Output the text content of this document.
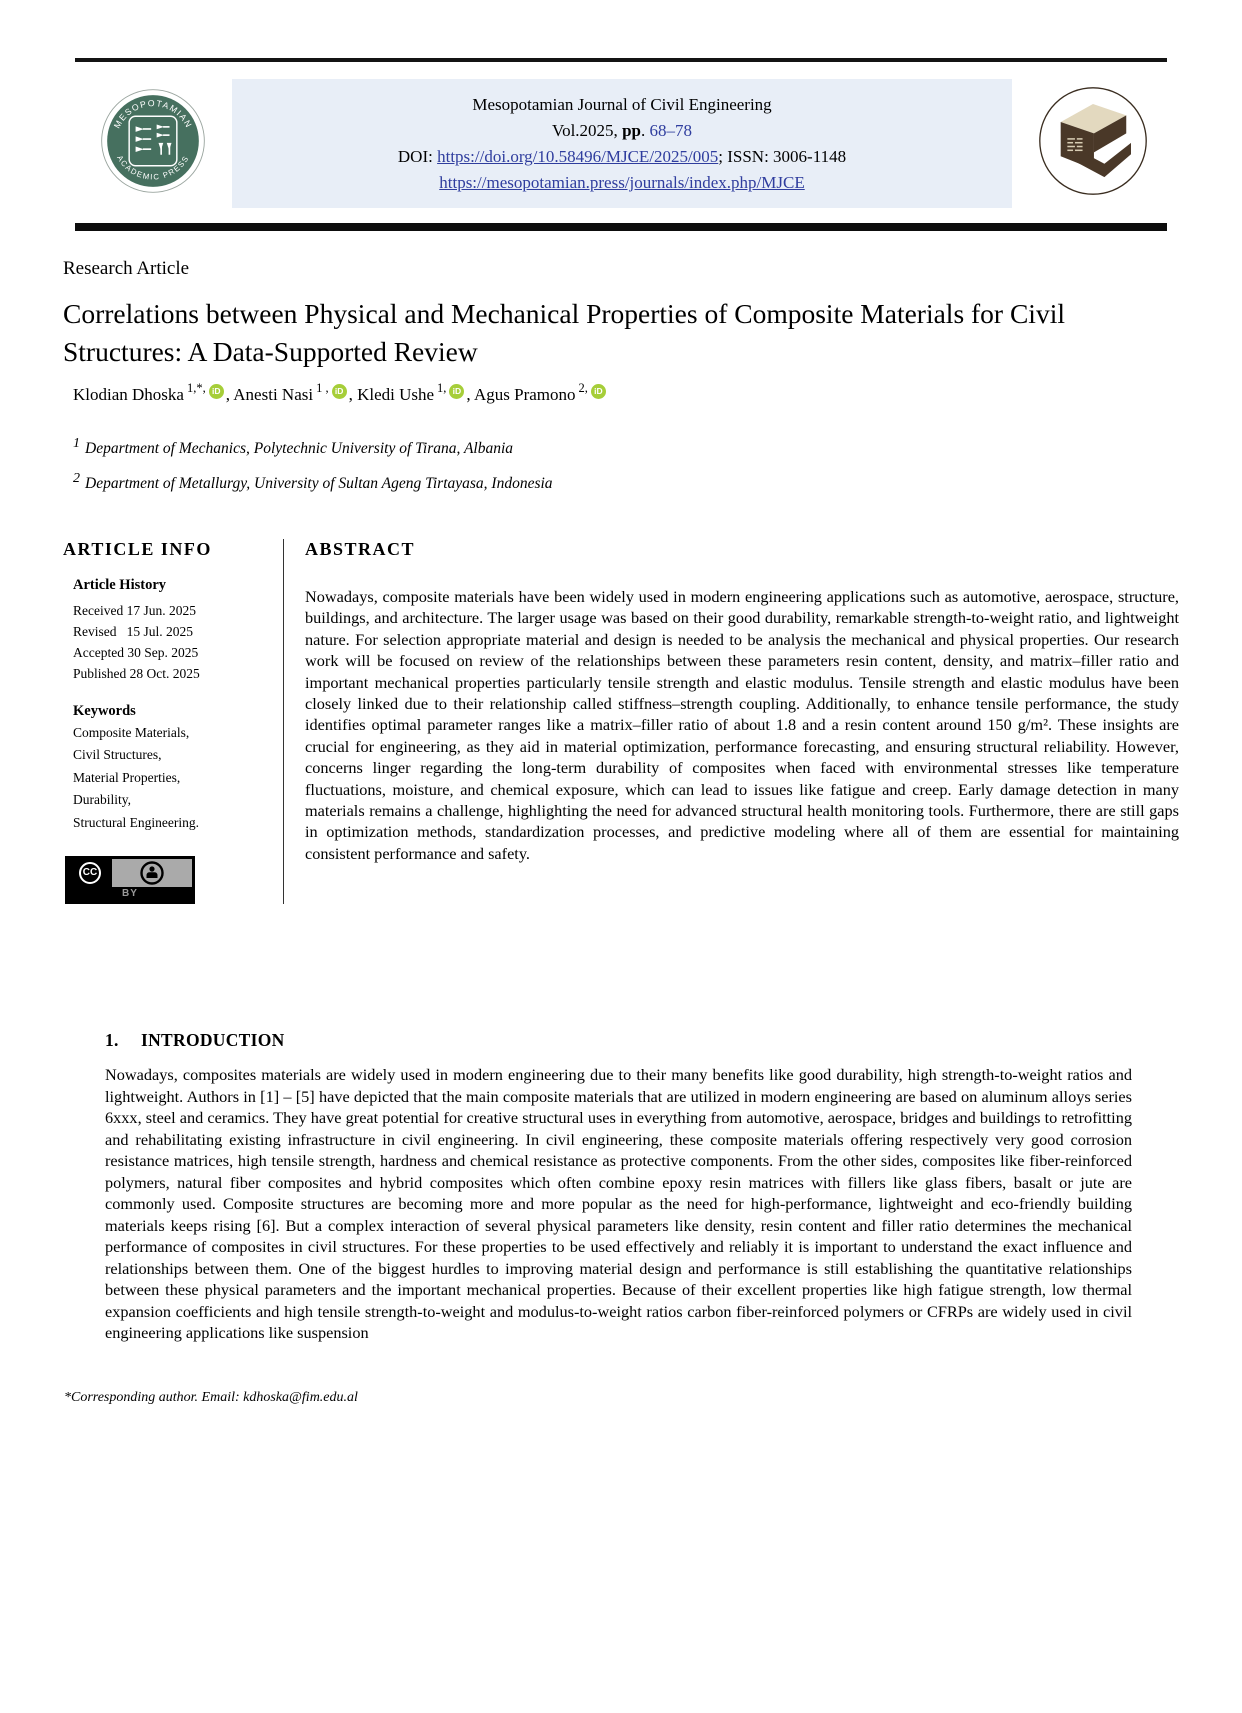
MESOPOTAMIAN
ACADEMIC PRESS
Mesopotamian Journal of Civil Engineering
Vol.2025, pp. 68–78
DOI: https://doi.org/10.58496/MJCE/2025/005; ISSN: 3006-1148
https://mesopotamian.press/journals/index.php/MJCE
Research Article
Correlations between Physical and Mechanical Properties of Composite Materials for Civil Structures: A Data-Supported Review
Klodian Dhoska $^{1,*,}$ iD , Anesti Nasi $^{1 ,}$ iD , Kledi Ushe $^{1,}$ iD , Agus Pramono $^{2,}$ iD
$^1$ Department of Mechanics, Polytechnic University of Tirana, Albania
$^2$ Department of Metallurgy, University of Sultan Ageng Tirtayasa, Indonesia
ARTICLE INFO
Article History
Received 17 Jun. 2025
Revised   15 Jul. 2025
Accepted 30 Sep. 2025
Published 28 Oct. 2025
Keywords
Composite Materials,
Civil Structures,
Material Properties,
Durability,
Structural Engineering.
CC
BY
ABSTRACT

Nowadays, composite materials have been widely used in modern engineering applications such as automotive, aerospace, structure, buildings, and architecture. The larger usage was based on their good durability, remarkable strength-to-weight ratio, and lightweight nature. For selection appropriate material and design is needed to be analysis the mechanical and physical properties. Our research work will be focused on review of the relationships between these parameters resin content, density, and matrix–filler ratio and important mechanical properties particularly tensile strength and elastic modulus. Tensile strength and elastic modulus have been closely linked due to their relationship called stiffness–strength coupling. Additionally, to enhance tensile performance, the study identifies optimal parameter ranges like a matrix–filler ratio of about 1.8 and a resin content around 150 g/m². These insights are crucial for engineering, as they aid in material optimization, performance forecasting, and ensuring structural reliability. However, concerns linger regarding the long-term durability of composites when faced with environmental stresses like temperature fluctuations, moisture, and chemical exposure, which can lead to issues like fatigue and creep. Early damage detection in many materials remains a challenge, highlighting the need for advanced structural health monitoring tools. Furthermore, there are still gaps in optimization methods, standardization processes, and predictive modeling where all of them are essential for maintaining consistent performance and safety.

1. INTRODUCTION

Nowadays, composites materials are widely used in modern engineering due to their many benefits like good durability, high strength-to-weight ratios and lightweight. Authors in [1] – [5] have depicted that the main composite materials that are utilized in modern engineering are based on aluminum alloys series 6xxx, steel and ceramics. They have great potential for creative structural uses in everything from automotive, aerospace, bridges and buildings to retrofitting and rehabilitating existing infrastructure in civil engineering. In civil engineering, these composite materials offering respectively very good corrosion resistance matrices, high tensile strength, hardness and chemical resistance as protective components. From the other sides, composites like fiber-reinforced polymers, natural fiber composites and hybrid composites which often combine epoxy resin matrices with fillers like glass fibers, basalt or jute are commonly used. Composite structures are becoming more and more popular as the need for high-performance, lightweight and eco-friendly building materials keeps rising [6]. But a complex interaction of several physical parameters like density, resin content and filler ratio determines the mechanical performance of composites in civil structures. For these properties to be used effectively and reliably it is important to understand the exact influence and relationships between them. One of the biggest hurdles to improving material design and performance is still establishing the quantitative relationships between these physical parameters and the important mechanical properties. Because of their excellent properties like high fatigue strength, low thermal expansion coefficients and high tensile strength-to-weight and modulus-to-weight ratios carbon fiber-reinforced polymers or CFRPs are widely used in civil engineering applications like suspension

*Corresponding author. Email: kdhoska@fim.edu.al
